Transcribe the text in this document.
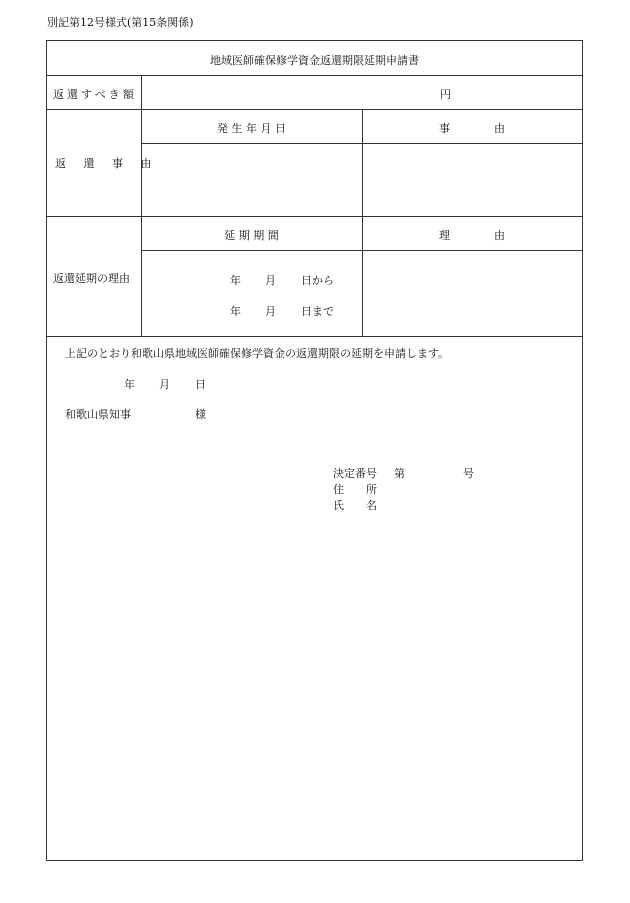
別記第12号様式(第15条関係)
地域医師確保修学資金返還期限延期申請書
返還すべき額	円
返 還 事 由
発 生 年 月 日	事　　　　由
返還延期の理由
延 期 期 間	理　　　　由
年 月 日から
年 月 日まで
上記のとおり和歌山県地域医師確保修学資金の返還期限の延期を申請します。
年 月 日
和歌山県知事	様
決定番号 第	号
住　　所
氏　　名
